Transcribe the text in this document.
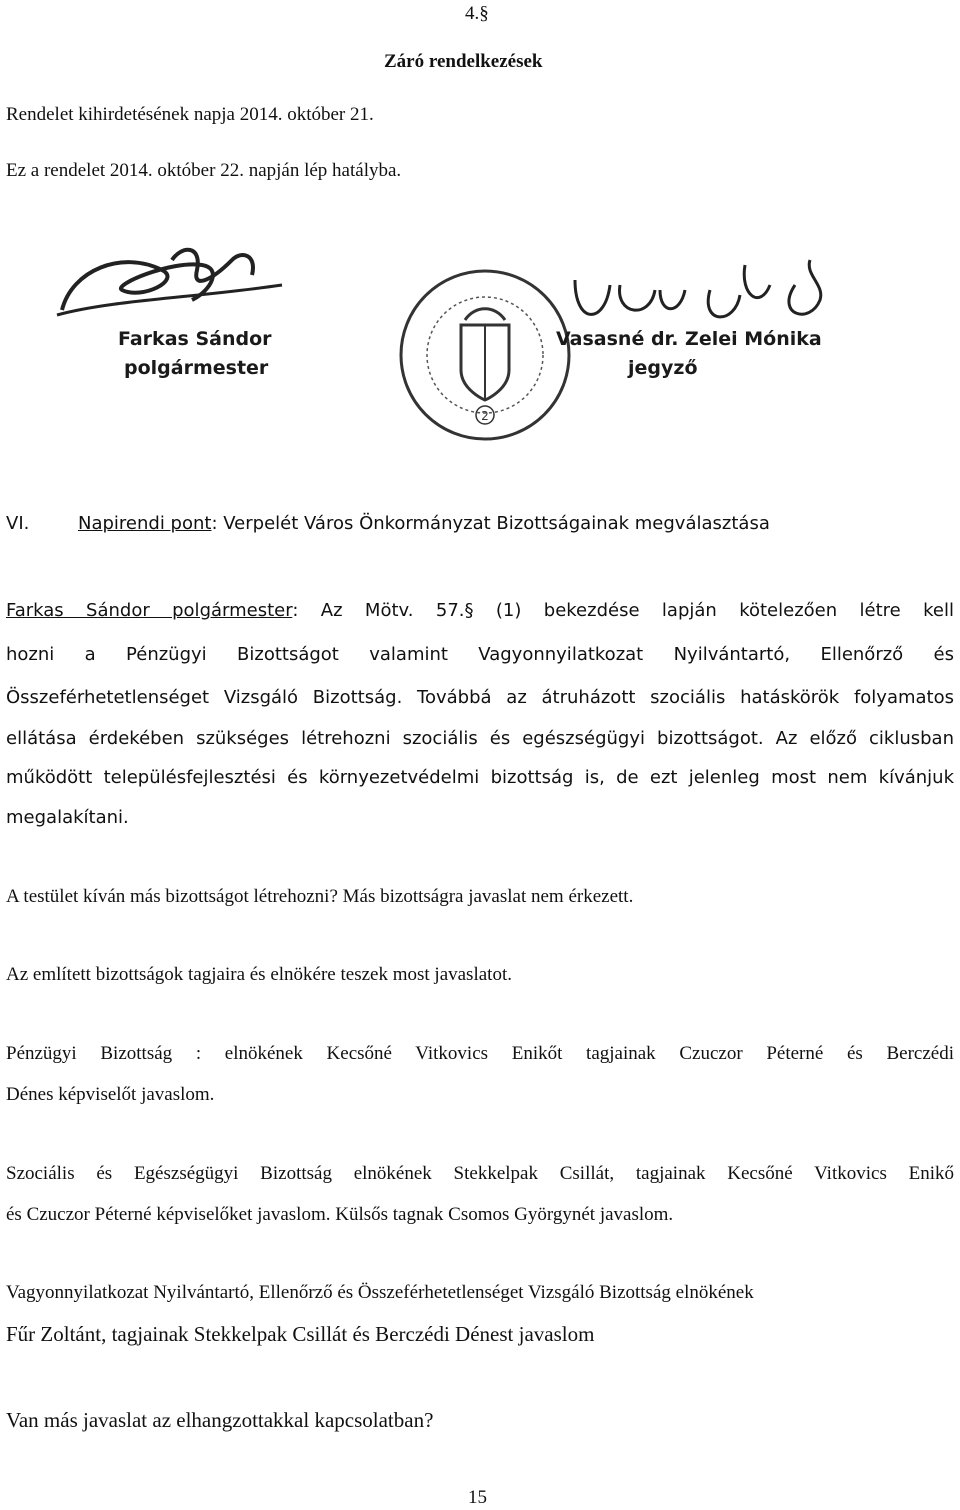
4.§
Záró rendelkezések
Rendelet kihirdetésének napja 2014. október 21.
Ez a rendelet 2014. október 22. napján lép hatályba.
Farkas Sándor
polgármester
2
Vasasné dr. Zelei Mónika
jegyző
VI.	Napirendi pont: Verpelét Város Önkormányzat Bizottságainak megválasztása
Farkas Sándor polgármester: Az Mötv. 57.§ (1) bekezdése lapján kötelezően létre kell
hozni a Pénzügyi Bizottságot valamint Vagyonnyilatkozat Nyilvántartó, Ellenőrző és
Összeférhetetlenséget Vizsgáló Bizottság. Továbbá az átruházott szociális hatáskörök folyamatos
ellátása érdekében szükséges létrehozni szociális és egészségügyi bizottságot. Az előző ciklusban
működött településfejlesztési és környezetvédelmi bizottság is, de ezt jelenleg most nem kívánjuk
megalakítani.
A testület kíván más bizottságot létrehozni? Más bizottságra javaslat nem érkezett.
Az említett bizottságok tagjaira és elnökére teszek most javaslatot.
Pénzügyi Bizottság : elnökének Kecsőné Vitkovics Enikőt tagjainak Czuczor Péterné és Berczédi
Dénes képviselőt javaslom.
Szociális és Egészségügyi Bizottság elnökének Stekkelpak Csillát, tagjainak Kecsőné Vitkovics Enikő
és Czuczor Péterné képviselőket javaslom. Külsős tagnak Csomos Györgynét javaslom.
Vagyonnyilatkozat Nyilvántartó, Ellenőrző és Összeférhetetlenséget Vizsgáló Bizottság elnökének
Fűr Zoltánt, tagjainak Stekkelpak Csillát és Berczédi Dénest javaslom
Van más javaslat az elhangzottakkal kapcsolatban?
15
